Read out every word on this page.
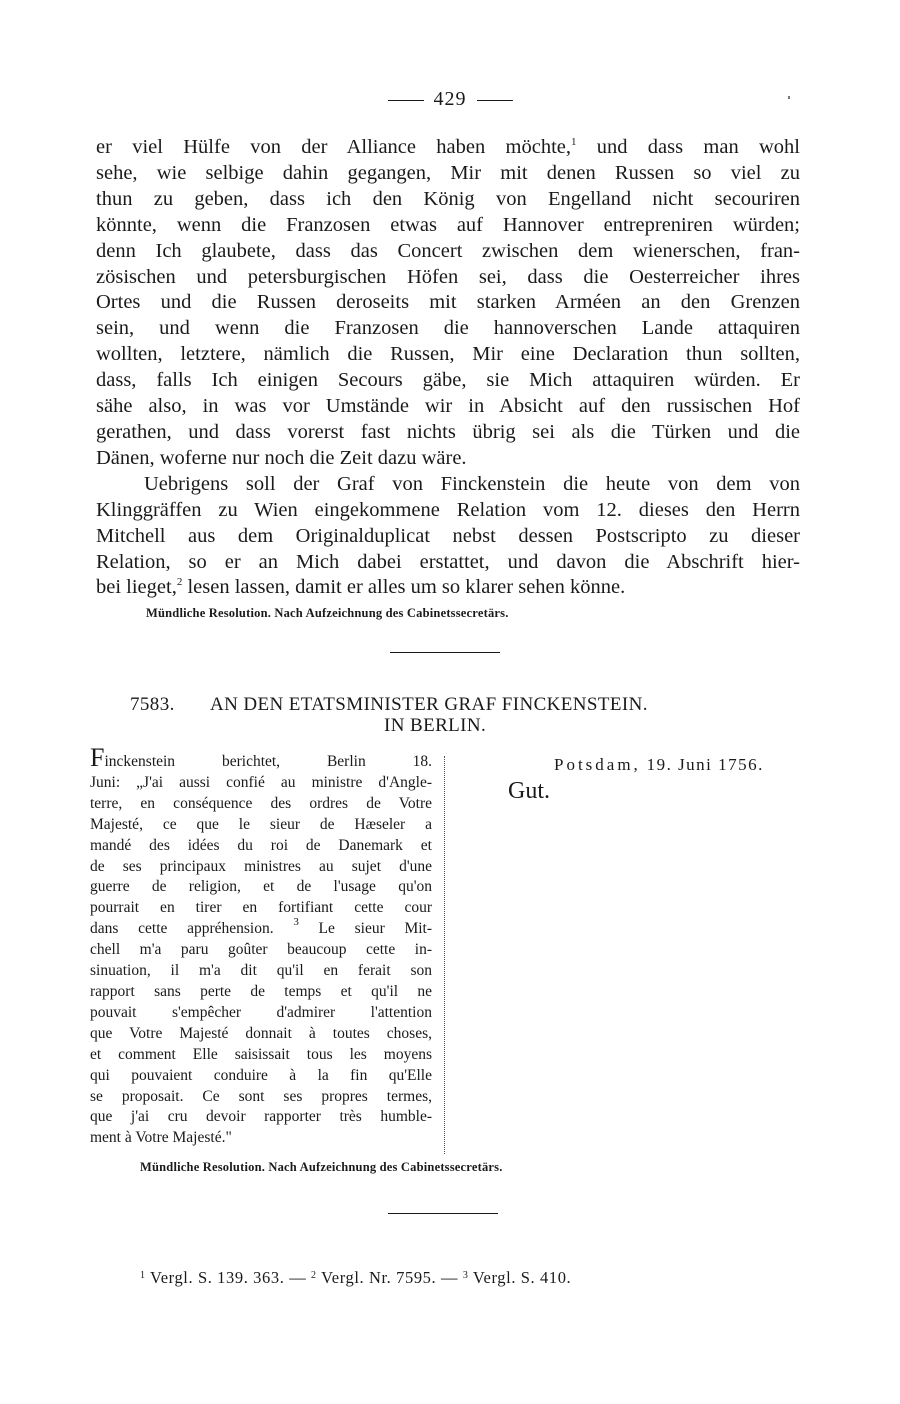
429
er viel Hülfe von der Alliance haben möchte,$^1$ und dass man wohl
sehe, wie selbige dahin gegangen, Mir mit denen Russen so viel zu
thun zu geben, dass ich den König von Engelland nicht secouriren
könnte, wenn die Franzosen etwas auf Hannover entrepreniren würden;
denn Ich glaubete, dass das Concert zwischen dem wienerschen, fran-
zösischen und petersburgischen Höfen sei, dass die Oesterreicher ihres
Ortes und die Russen deroseits mit starken Arméen an den Grenzen
sein, und wenn die Franzosen die hannoverschen Lande attaquiren
wollten, letztere, nämlich die Russen, Mir eine Declaration thun sollten,
dass, falls Ich einigen Secours gäbe, sie Mich attaquiren würden. Er
sähe also, in was vor Umstände wir in Absicht auf den russischen Hof
gerathen, und dass vorerst fast nichts übrig sei als die Türken und die
Dänen, woferne nur noch die Zeit dazu wäre.
Uebrigens soll der Graf von Finckenstein die heute von dem von
Klinggräffen zu Wien eingekommene Relation vom 12. dieses den Herrn
Mitchell aus dem Originalduplicat nebst dessen Postscripto zu dieser
Relation, so er an Mich dabei erstattet, und davon die Abschrift hier-
bei lieget,$^2$ lesen lassen, damit er alles um so klarer sehen könne.
Mündliche Resolution. Nach Aufzeichnung des Cabinetssecretärs.
7583. AN DEN ETATSMINISTER GRAF FINCKENSTEIN.
IN BERLIN.
Finckenstein berichtet, Berlin 18.
Juni: „J'ai aussi confié au ministre d'Angle-
terre, en conséquence des ordres de Votre
Majesté, ce que le sieur de Hæseler a
mandé des idées du roi de Danemark et
de ses principaux ministres au sujet d'une
guerre de religion, et de l'usage qu'on
pourrait en tirer en fortifiant cette cour
dans cette appréhension. $^3$ Le sieur Mit-
chell m'a paru goûter beaucoup cette in-
sinuation, il m'a dit qu'il en ferait son
rapport sans perte de temps et qu'il ne
pouvait s'empêcher d'admirer l'attention
que Votre Majesté donnait à toutes choses,
et comment Elle saisissait tous les moyens
qui pouvaient conduire à la fin qu'Elle
se proposait. Ce sont ses propres termes,
que j'ai cru devoir rapporter très humble-
ment à Votre Majesté."
Potsdam, 19. Juni 1756.
Gut.
Mündliche Resolution. Nach Aufzeichnung des Cabinetssecretärs.
$^1$ Vergl. S. 139. 363. — $^2$ Vergl. Nr. 7595. — $^3$ Vergl. S. 410.
